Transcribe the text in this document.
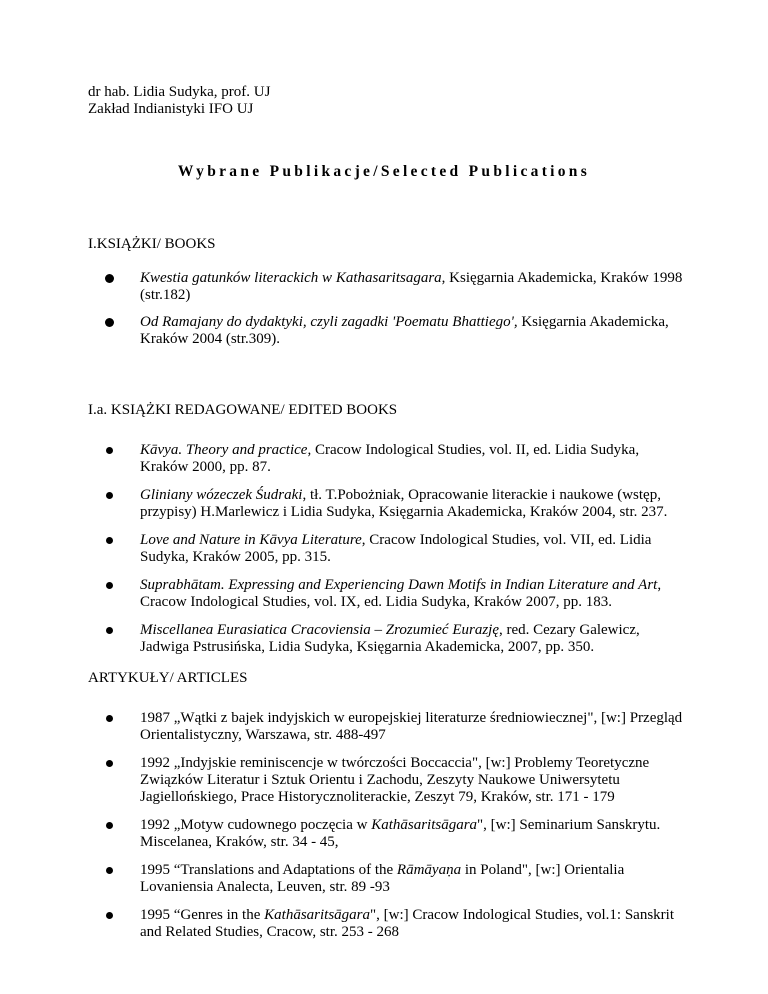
dr hab. Lidia Sudyka, prof. UJ
Zakład Indianistyki IFO UJ
Wybrane Publikacje/Selected Publications
I.KSIĄŻKI/ BOOKS
Kwestia gatunków literackich w Kathasaritsagara, Księgarnia Akademicka, Kraków 1998 (str.182)
Od Ramajany do dydaktyki, czyli zagadki 'Poematu Bhattiego', Księgarnia Akademicka, Kraków 2004 (str.309).
I.a. KSIĄŻKI REDAGOWANE/ EDITED BOOKS
Kāvya. Theory and practice, Cracow Indological Studies, vol. II, ed. Lidia Sudyka, Kraków 2000, pp. 87.
Gliniany wózeczek Śudraki, tł. T.Pobożniak, Opracowanie literackie i naukowe (wstęp, przypisy) H.Marlewicz i Lidia Sudyka, Księgarnia Akademicka, Kraków 2004, str. 237.
Love and Nature in Kāvya Literature, Cracow Indological Studies, vol. VII, ed. Lidia Sudyka, Kraków 2005, pp. 315.
Suprabhātam. Expressing and Experiencing Dawn Motifs in Indian Literature and Art, Cracow Indological Studies, vol. IX, ed. Lidia Sudyka, Kraków 2007, pp. 183.
Miscellanea Eurasiatica Cracoviensia – Zrozumieć Eurazję, red. Cezary Galewicz, Jadwiga Pstrusińska, Lidia Sudyka, Księgarnia Akademicka, 2007, pp. 350.
ARTYKUŁY/ ARTICLES
1987 „Wątki z bajek indyjskich w europejskiej literaturze średniowiecznej", [w:] Przegląd Orientalistyczny, Warszawa, str. 488-497
1992 „Indyjskie reminiscencje w twórczości Boccaccia", [w:] Problemy Teoretyczne Związków Literatur i Sztuk Orientu i Zachodu, Zeszyty Naukowe Uniwersytetu Jagiellońskiego, Prace Historycznoliterackie, Zeszyt 79, Kraków, str. 171 - 179
1992 „Motyw cudownego poczęcia w Kathāsaritsāgara", [w:] Seminarium Sanskrytu. Miscelanea, Kraków, str. 34 - 45,
1995 “Translations and Adaptations of the Rāmāyaṇa in Poland", [w:] Orientalia Lovaniensia Analecta, Leuven, str. 89 -93
1995 “Genres in the Kathāsaritsāgara", [w:] Cracow Indological Studies, vol.1: Sanskrit and Related Studies, Cracow, str. 253 - 268
